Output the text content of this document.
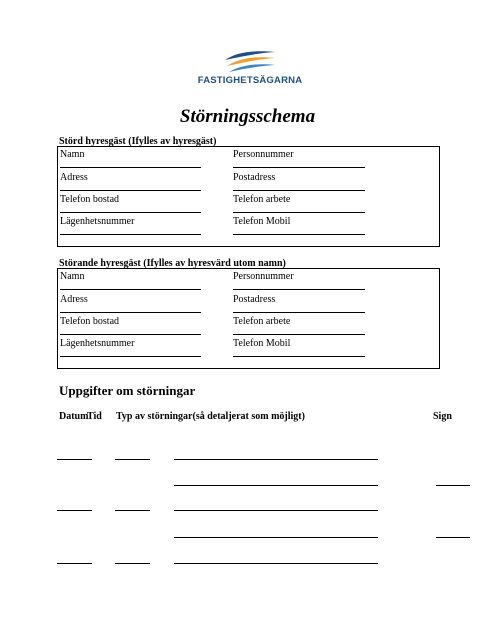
FASTIGHETSÄGARNA
Störningsschema
Störd hyresgäst (Ifylles av hyresgäst)
Namn
Adress
Telefon bostad
Lägenhetsnummer
Personnummer
Postadress
Telefon arbete
Telefon Mobil
Störande hyresgäst (Ifylles av hyresvärd utom namn)
Namn
Adress
Telefon bostad
Lägenhetsnummer
Personnummer
Postadress
Telefon arbete
Telefon Mobil
Uppgifter om störningar
Datum
Tid Typ av störningar(så detaljerat som möjligt)	Sign
